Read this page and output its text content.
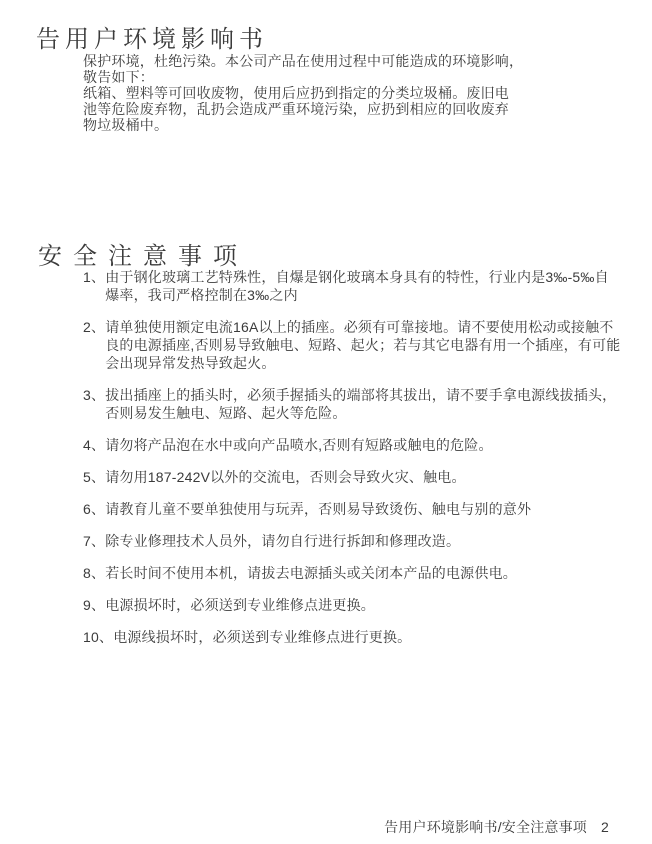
告用户环境影响书
保护环境，杜绝污染。本公司产品在使用过程中可能造成的环境影响，
敬告如下：
纸箱、塑料等可回收废物，使用后应扔到指定的分类垃圾桶。废旧电
池等危险废弃物，乱扔会造成严重环境污染，应扔到相应的回收废弃
物垃圾桶中。
安全注意事项
1、 由于钢化玻璃工艺特殊性，自爆是钢化玻璃本身具有的特性，行业内是3‰-5‰自
爆率，我司严格控制在3‰之内
2、 请单独使用额定电流16A以上的插座。必须有可靠接地。请不要使用松动或接触不
良的电源插座,否则易导致触电、短路、起火；若与其它电器有用一个插座，有可能
会出现异常发热导致起火。
3、 拔出插座上的插头时，必须手握插头的端部将其拔出，请不要手拿电源线拔插头，
否则易发生触电、短路、起火等危险。
4、 请勿将产品泡在水中或向产品喷水,否则有短路或触电的危险。
5、 请勿用187-242V以外的交流电，否则会导致火灾、触电。
6、 请教育儿童不要单独使用与玩弄，否则易导致烫伤、触电与别的意外
7、 除专业修理技术人员外，请勿自行进行拆卸和修理改造。
8、 若长时间不使用本机，请拔去电源插头或关闭本产品的电源供电。
9、 电源损坏时，必须送到专业维修点进更换。
10、 电源线损坏时，必须送到专业维修点进行更换。
告用户环境影响书/安全注意事项 2
